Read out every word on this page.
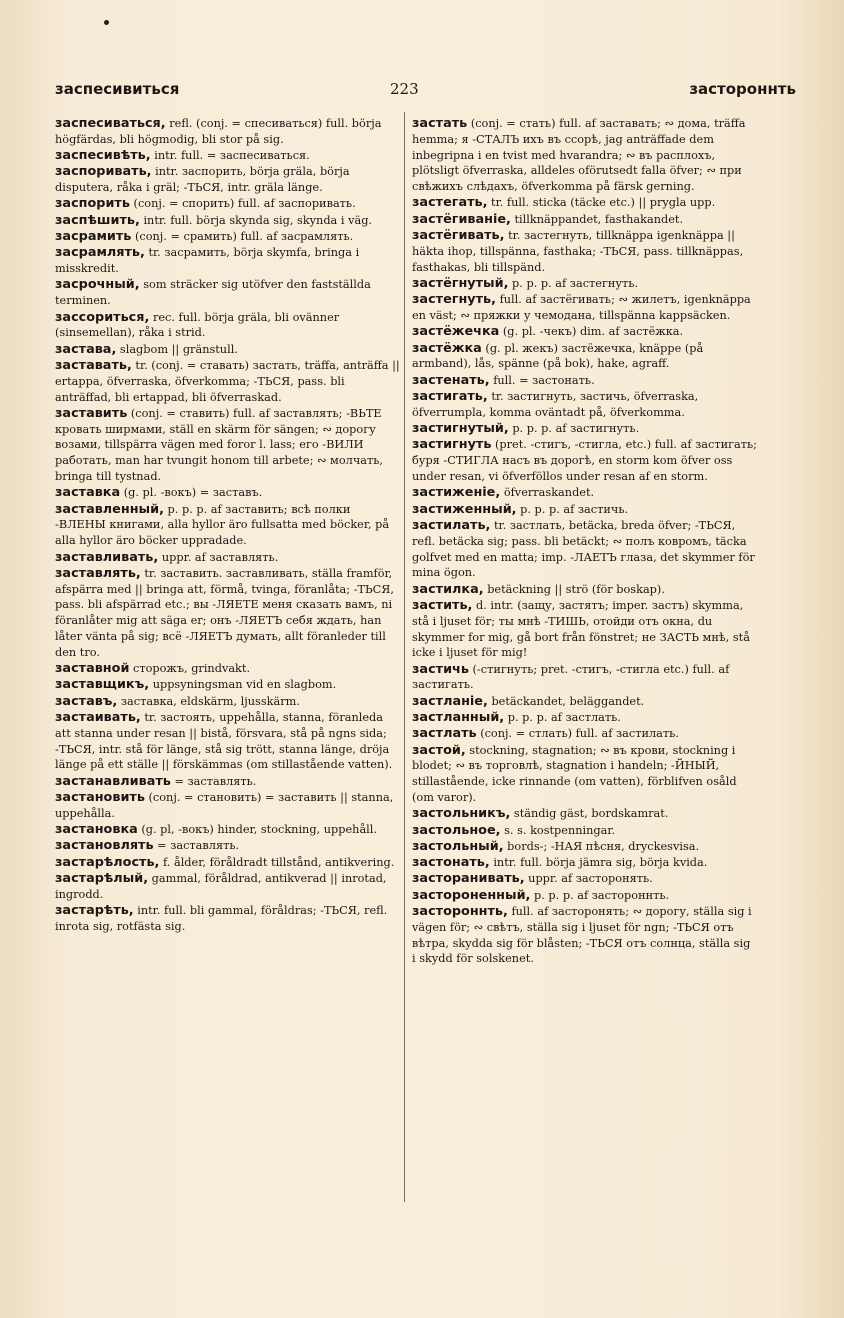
заспесивиться	223	застороннть

заспесиваться, refl. (conj. = спесиваться) full. börja högfärdas, bli högmodig, bli stor på sig.

заспесивѣть, intr. full. = заспесиваться.

заспоривать, intr. заспорить, börja gräla, börja disputera, råka i gräl; -ТЬСЯ, intr. gräla länge.

заспорить (conj. = спорить) full. af заспоривать.

заспѣшить, intr. full. börja skynda sig, skynda i väg.

засрамить (conj. = срамить) full. af засрамлять.

засрамлять, tr. засрамить, börja skymfa, bringa i misskredit.

засрочный, som sträcker sig utöfver den fastställda terminen.

зассориться, rec. full. börja gräla, bli ovänner (sinsemellan), råka i strid.

застава, slagbom || gränstull.

заставать, tr. (conj. = ставать) застать, träffa, anträffa || ertappa, öfverraska, öfverkomma; -ТЬСЯ, pass. bli anträffad, bli ertappad, bli öfverraskad.

заставить (conj. = ставить) full. af заставлять; -ВЬТЕ кровать ширмами, ställ en skärm för sängen; ∾ дорогу возами, tillspärra vägen med foror l. lass; его -ВИЛИ работать, man har tvungit honom till arbete; ∾ молчать, bringa till tystnad.

заставка (g. pl. -вокъ) = заставъ.

заставленный, p. p. p. af заставить; всѣ полки -ВЛЕНЫ книгами, alla hyllor äro fullsatta med böcker, på alla hyllor äro böcker uppradade.

заставливать, uppr. af заставлять.

заставлять, tr. заставить. заставливать, ställa framför, afspärra med || bringa att, förmå, tvinga, föranlåta; -ТЬСЯ, pass. bli afspärrad etc.; вы -ЛЯЕТЕ меня сказать вамъ, ni föranlåter mig att säga er; онъ -ЛЯЕТЪ себя ждать, han låter vänta på sig; всё -ЛЯЕТЪ думать, allt föranleder till den tro.

заставной сторожъ, grindvakt.

заставщикъ, uppsyningsman vid en slagbom.

заставъ, заставка, eldskärm, ljusskärm.

застаивать, tr. застоять, uppehålla, stanna, föranleda att stanna under resan || bistå, försvara, stå på ngns sida; -ТЬСЯ, intr. stå för länge, stå sig trött, stanna länge, dröja länge på ett ställe || förskämmas (om stillastående vatten).

застанавливать = заставлять.

застановить (conj. = становить) = заставить || stanna, uppehålla.

застановка (g. pl, -вокъ) hinder, stockning, uppehåll.

застановлять = заставлять.

застарѣлость, f. ålder, föråldradt tillstånd, antikvering.

застарѣлый, gammal, föråldrad, antikverad || inrotad, ingrodd.

застарѣть, intr. full. bli gammal, föråldras; -ТЬСЯ, refl. inrota sig, rotfästa sig.

застать (conj. = стать) full. af заставать; ∾ дома, träffa hemma; я -СТАЛЪ ихъ въ ссорѣ, jag anträffade dem inbegripna i en tvist med hvarandra; ∾ въ расплохъ, plötsligt öfverraska, alldeles oförutsedt falla öfver; ∾ при свѣжихъ слѣдахъ, öfverkomma på färsk gerning.

застегать, tr. full. sticka (täcke etc.) || prygla upp.

застёгиваніе, tillknäppandet, fasthakandet.

застёгивать, tr. застегнуть, tillknäppa igenknäppa || häkta ihop, tillspänna, fasthaka; -ТЬСЯ, pass. tillknäppas, fasthakas, bli tillspänd.

застёгнутый, p. p. p. af застегнуть.

застегнуть, full. af застёгивать; ∾ жилетъ, igenknäppa en väst; ∾ пряжки у чемодана, tillspänna kappsäcken.

застёжечка (g. pl. -чекъ) dim. af застёжка.

застёжка (g. pl. жекъ) застёжечка, knäppe (på armband), lås, spänne (på bok), hake, agraff.

застенать, full. = застонать.

застигать, tr. застигнуть, застичь, öfverraska, öfverrumpla, komma oväntadt på, öfverkomma.

застигнутый, p. p. p. af застигнуть.

застигнуть (pret. -стигъ, -стигла, etc.) full. af застигать; буря -СТИГЛА насъ въ дорогѣ, en storm kom öfver oss under resan, vi öfverföllos under resan af en storm.

застиженіе, öfverraskandet.

застиженный, p. p. p. af застичь.

застилать, tr. застлать, betäcka, breda öfver; -ТЬСЯ, refl. betäcka sig; pass. bli betäckt; ∾ полъ ковромъ, täcka golfvet med en matta; imp. -ЛАЕТЪ глаза, det skymmer för mina ögon.

застилка, betäckning || strö (för boskap).

застить, d. intr. (защу, застятъ; imper. застъ) skymma, stå i ljuset för; ты мнѣ -ТИШЬ, отойди отъ окна, du skymmer for mig, gå bort från fönstret; не ЗАСТЬ мнѣ, stå icke i ljuset för mig!

застичь (-стигнуть; pret. -стигъ, -стигла etc.) full. af застигать.

застланіе, betäckandet, beläggandet.

застланный, p. p. p. af застлать.

застлать (conj. = стлать) full. af застилать.

застой, stockning, stagnation; ∾ въ крови, stockning i blodet; ∾ въ торговлѣ, stagnation i handeln; -ЙНЫЙ, stillastående, icke rinnande (om vatten), förblifven osåld (om varor).

застольникъ, ständig gäst, bordskamrat.

застольное, s. s. kostpenningar.

застольный, bords-; -НАЯ пѣсня, dryckesvisa.

застонать, intr. full. börja jämra sig, börja kvida.

застоpанивать, uppr. af застоpонять.

застороненный, p. p. p. af застороннть.

застороннть, full. af застоpонять; ∾ дорогу, ställa sig i vägen för; ∾ свѣтъ, ställa sig i ljuset för ngn; -ТЬСЯ отъ вѣтра, skydda sig för blåsten; -ТЬСЯ отъ солнца, ställa sig i skydd för solskenet.
